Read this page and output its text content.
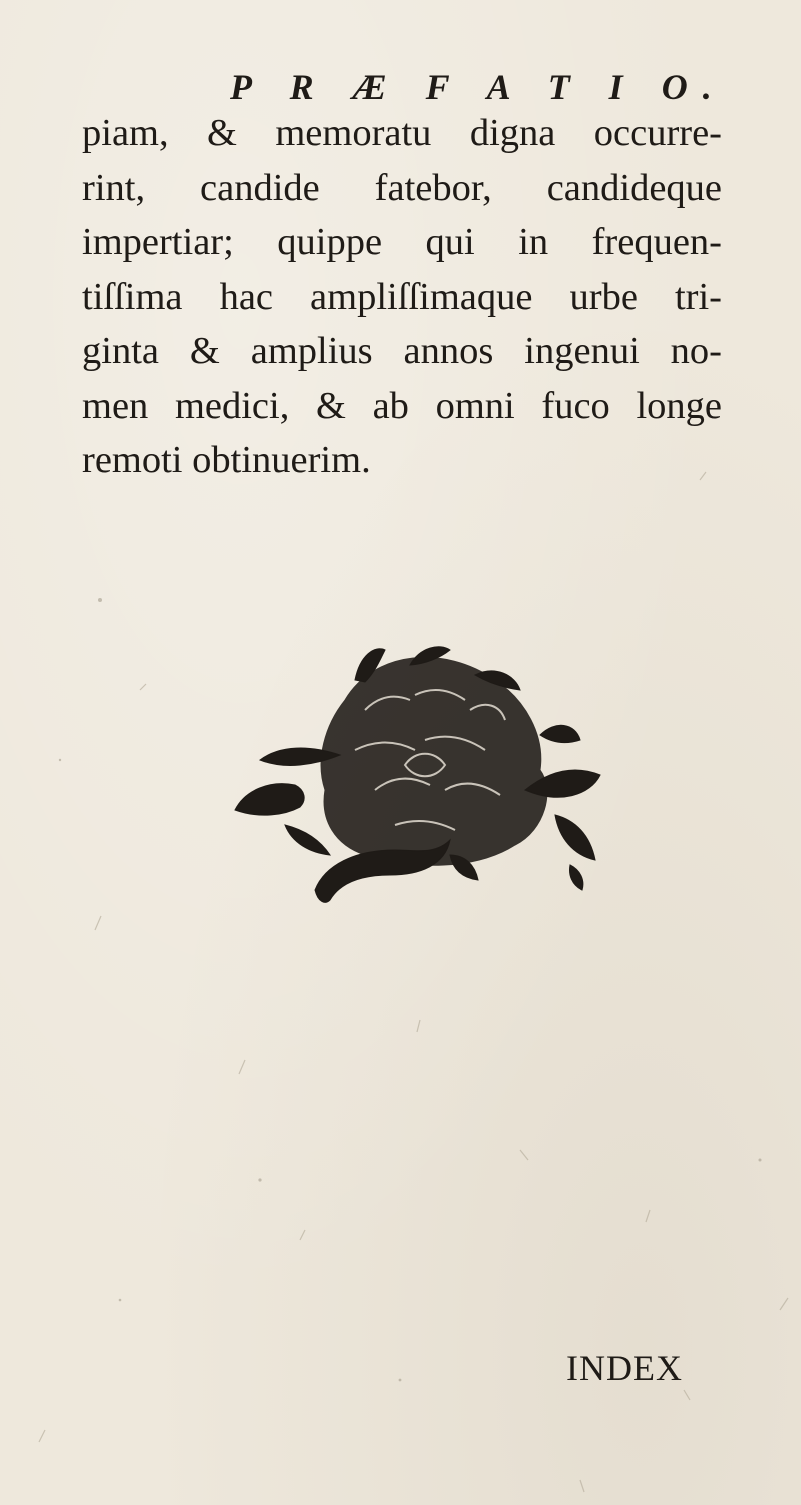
P R Æ F A T I O.
piam, & memoratu digna occurre-
rint, candide fatebor, candideque
impertiar; quippe qui in frequen-
tiſſima hac ampliſſimaque urbe tri-
ginta & amplius annos ingenui no-
men medici, & ab omni fuco longe
remoti obtinuerim.
INDEX
